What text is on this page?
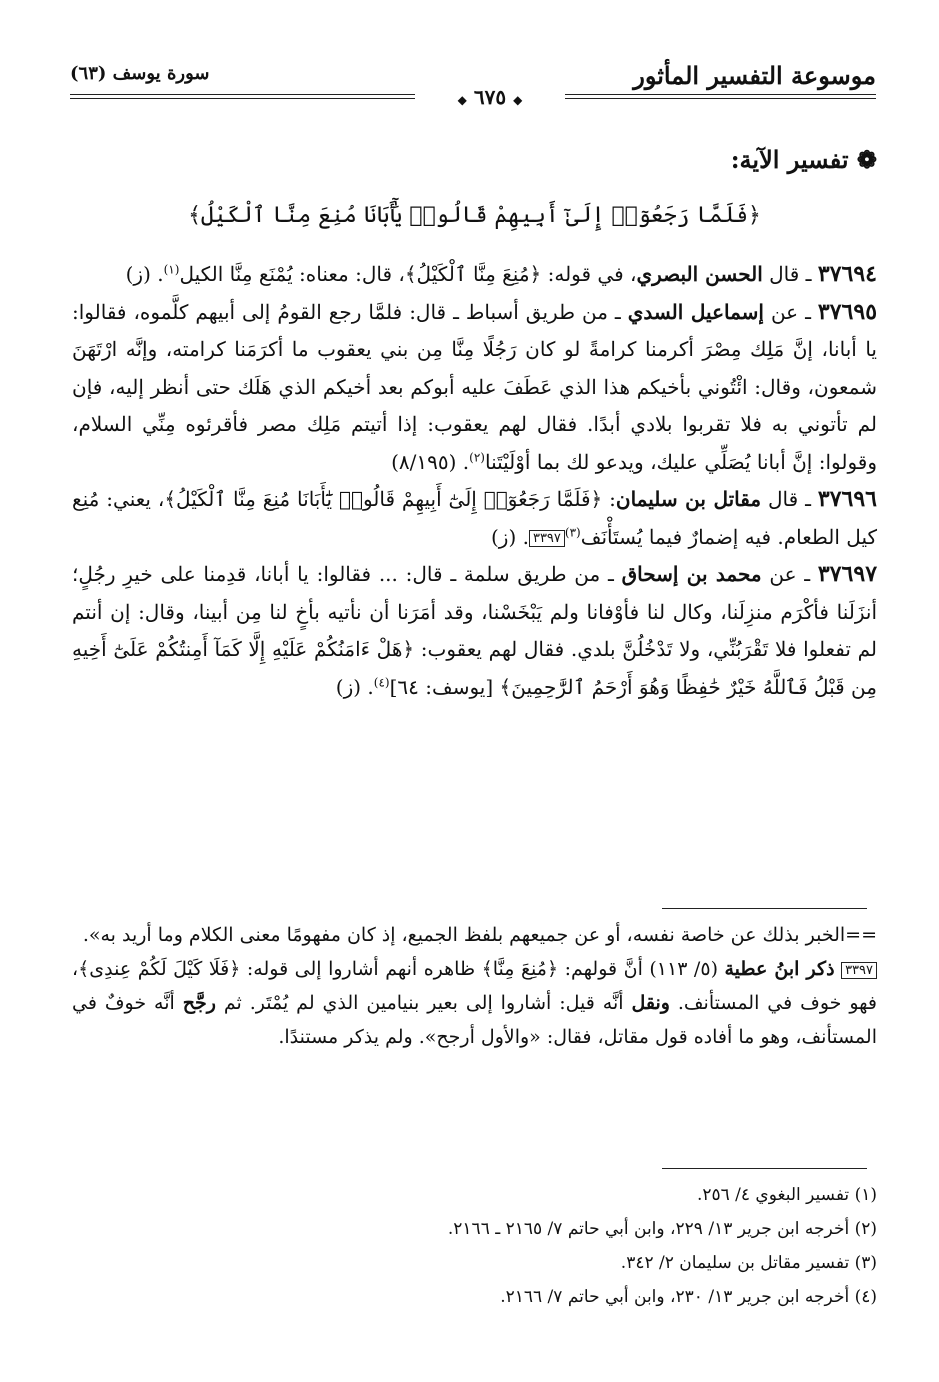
موسوعة التفسير المأثور
سورة يوسف (٦٣)
◆ ٦٧٥ ◆
❁ تفسير الآية:
﴿فَلَمَّا رَجَعُوٓا۟ إِلَىٰٓ أَبِيهِمْ قَالُوا۟ يَٰٓأَبَانَا مُنِعَ مِنَّا ٱلْكَيْلُ﴾

٣٧٦٩٤ ـ قال الحسن البصري، في قوله: ﴿مُنِعَ مِنَّا ٱلْكَيْلُ﴾، قال: معناه: يُمْنَع مِنَّا الكيل$^{(١)}$. (ز)

٣٧٦٩٥ ـ عن إسماعيل السدي ـ من طريق أسباط ـ قال: فلمَّا رجع القومُ إلى أبيهم كلَّموه، فقالوا: يا أبانا، إنَّ مَلِك مِصْرَ أكرمنا كرامةً لو كان رَجُلًا مِنَّا مِن بني يعقوب ما أكرَمَنا كرامته، وإنَّه ارْتَهَنَ شمعون، وقال: ائْتُوني بأخيكم هذا الذي عَطَفَ عليه أبوكم بعد أخيكم الذي هَلَك حتى أنظر إليه، فإن لم تأتوني به فلا تقربوا بلادي أبدًا. فقال لهم يعقوب: إذا أتيتم مَلِك مصر فأقرئوه مِنِّي السلام، وقولوا: إنَّ أبانا يُصَلِّي عليك، ويدعو لك بما أوْلَيْتَنا$^{(٢)}$. (٨/١٩٥)

٣٧٦٩٦ ـ قال مقاتل بن سليمان: ﴿فَلَمَّا رَجَعُوٓا۟ إِلَىٰٓ أَبِيهِمْ قَالُوا۟ يَٰٓأَبَانَا مُنِعَ مِنَّا ٱلْكَيْلُ﴾، يعني: مُنِع كيل الطعام. فيه إضمارٌ فيما يُستَأْنَف$^{(٣)}$٣٣٩٧. (ز)

٣٧٦٩٧ ـ عن محمد بن إسحاق ـ من طريق سلمة ـ قال: ... فقالوا: يا أبانا، قدِمنا على خيرِ رجُلٍ؛ أنزَلَنا فأكْرَم منزِلَنا، وكال لنا فأوْفانا ولم يَبْخَسْنا، وقد أمَرَنا أن نأتيه بأخٍ لنا مِن أبينا، وقال: إن أنتم لم تفعلوا فلا تَقْرَبُنِّي، ولا تَدْخُلُنَّ بلدي. فقال لهم يعقوب: ﴿هَلْ ءَامَنُكُمْ عَلَيْهِ إِلَّا كَمَآ أَمِنتُكُمْ عَلَىٰٓ أَخِيهِ مِن قَبْلُ فَٱللَّهُ خَيْرٌ حَٰفِظًا وَهُوَ أَرْحَمُ ٱلرَّٰحِمِينَ﴾ [يوسف: ٦٤]$^{(٤)}$. (ز)

==الخبر بذلك عن خاصة نفسه، أو عن جميعهم بلفظ الجميع، إذ كان مفهومًا معنى الكلام وما أريد به».

٣٣٩٧ ذكر ابنُ عطية (٥/ ١١٣) أنَّ قولهم: ﴿مُنِعَ مِنَّا﴾ ظاهره أنهم أشاروا إلى قوله: ﴿فَلَا كَيْلَ لَكُمْ عِندِى﴾، فهو خوف في المستأنف. ونقل أنَّه قيل: أشاروا إلى بعير بنيامين الذي لم يُمْتَر. ثم رجَّح أنَّه خوفٌ في المستأنف، وهو ما أفاده قول مقاتل، فقال: «والأول أرجح». ولم يذكر مستندًا.

(١) تفسير البغوي ٤/ ٢٥٦.

(٢) أخرجه ابن جرير ١٣/ ٢٢٩، وابن أبي حاتم ٧/ ٢١٦٥ ـ ٢١٦٦.

(٣) تفسير مقاتل بن سليمان ٢/ ٣٤٢.

(٤) أخرجه ابن جرير ١٣/ ٢٣٠، وابن أبي حاتم ٧/ ٢١٦٦.
